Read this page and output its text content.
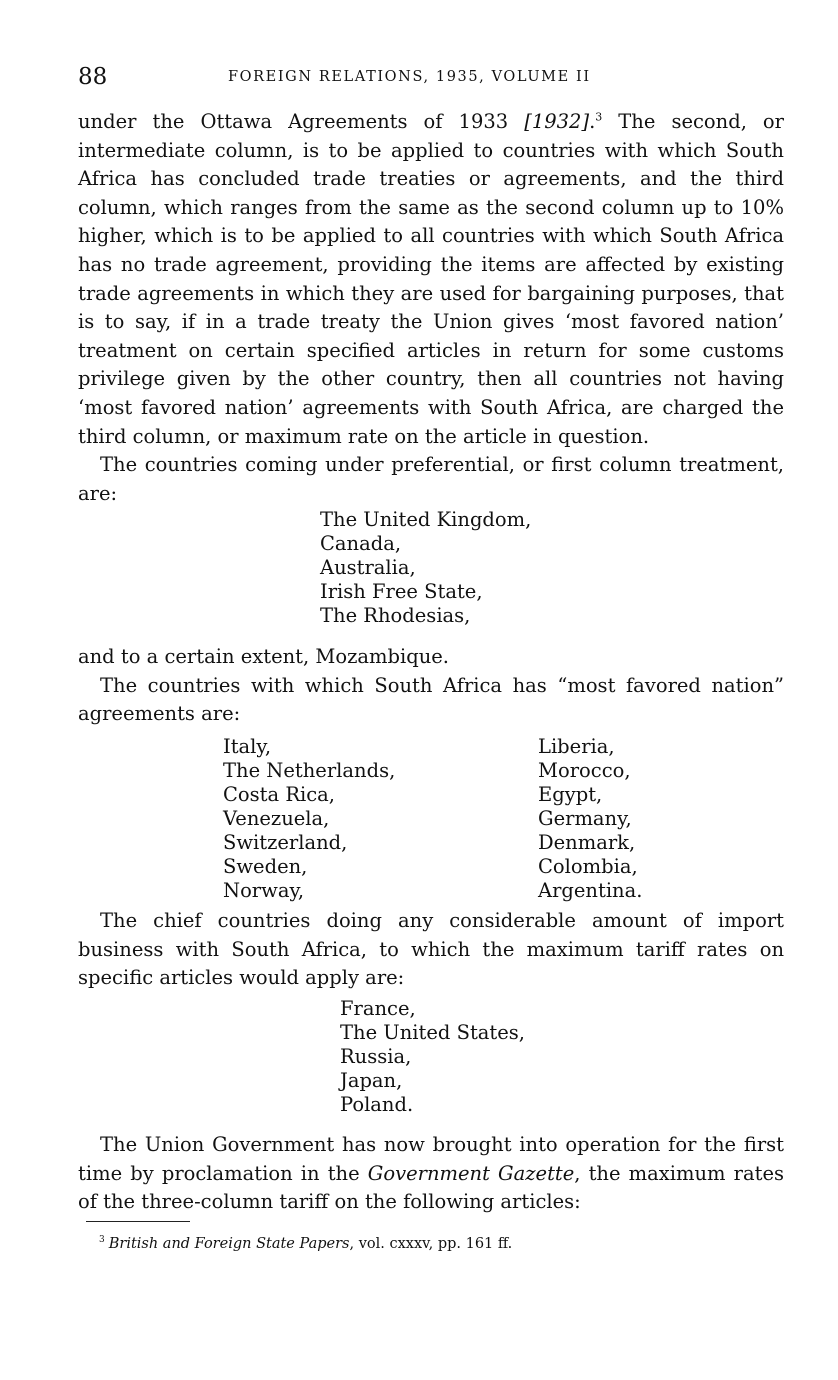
88	FOREIGN RELATIONS, 1935, VOLUME II

under the Ottawa Agreements of 1933 [1932].$^3$ The second, or intermediate column, is to be applied to countries with which South Africa has concluded trade treaties or agreements, and the third column, which ranges from the same as the second column up to 10% higher, which is to be applied to all countries with which South Africa has no trade agreement, providing the items are affected by existing trade agreements in which they are used for bargaining purposes, that is to say, if in a trade treaty the Union gives ‘most favored nation’ treatment on certain specified articles in return for some customs privilege given by the other country, then all countries not having ‘most favored nation’ agreements with South Africa, are charged the third column, or maximum rate on the article in question.

The countries coming under preferential, or first column treatment, are:

The United Kingdom,
Canada,
Australia,
Irish Free State,
The Rhodesias,

and to a certain extent, Mozambique.

The countries with which South Africa has “most favored nation” agreements are:

Italy,
The Netherlands,
Costa Rica,
Venezuela,
Switzerland,
Sweden,
Norway,
Liberia,
Morocco,
Egypt,
Germany,
Denmark,
Colombia,
Argentina.

The chief countries doing any considerable amount of import business with South Africa, to which the maximum tariff rates on specific articles would apply are:

France,
The United States,
Russia,
Japan,
Poland.

The Union Government has now brought into operation for the first time by proclamation in the Government Gazette, the maximum rates of the three-column tariff on the following articles:

$^3$ British and Foreign State Papers, vol. cxxxv, pp. 161 ff.
